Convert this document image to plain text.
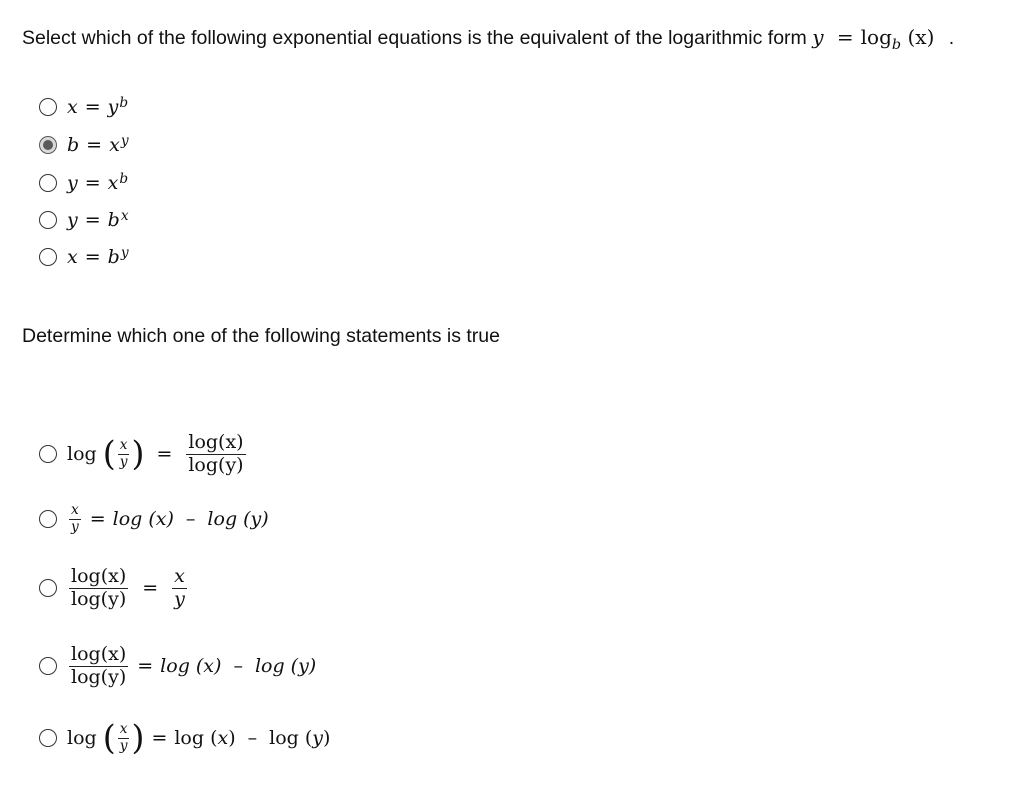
Select which of the following exponential equations is the equivalent of the logarithmic form $y = \log_b (x)$ .
$x = y^b$
$b = x^y$
$y = x^b$
$y = b^x$
$x = b^y$
Determine which one of the following statements is true
log
( $\frac{x}{y}$ ) = $\frac{\log(x)}{\log(y)}$
$\frac{x}{y} = \log (x) - \log (y)$
$\frac{\log(x)}{\log(y)} = \frac{x}{y}$
$\frac{\log(x)}{\log(y)} = \log (x) - \log (y)$
log
( $\frac{x}{y}$ ) = log (x) – log (y)
